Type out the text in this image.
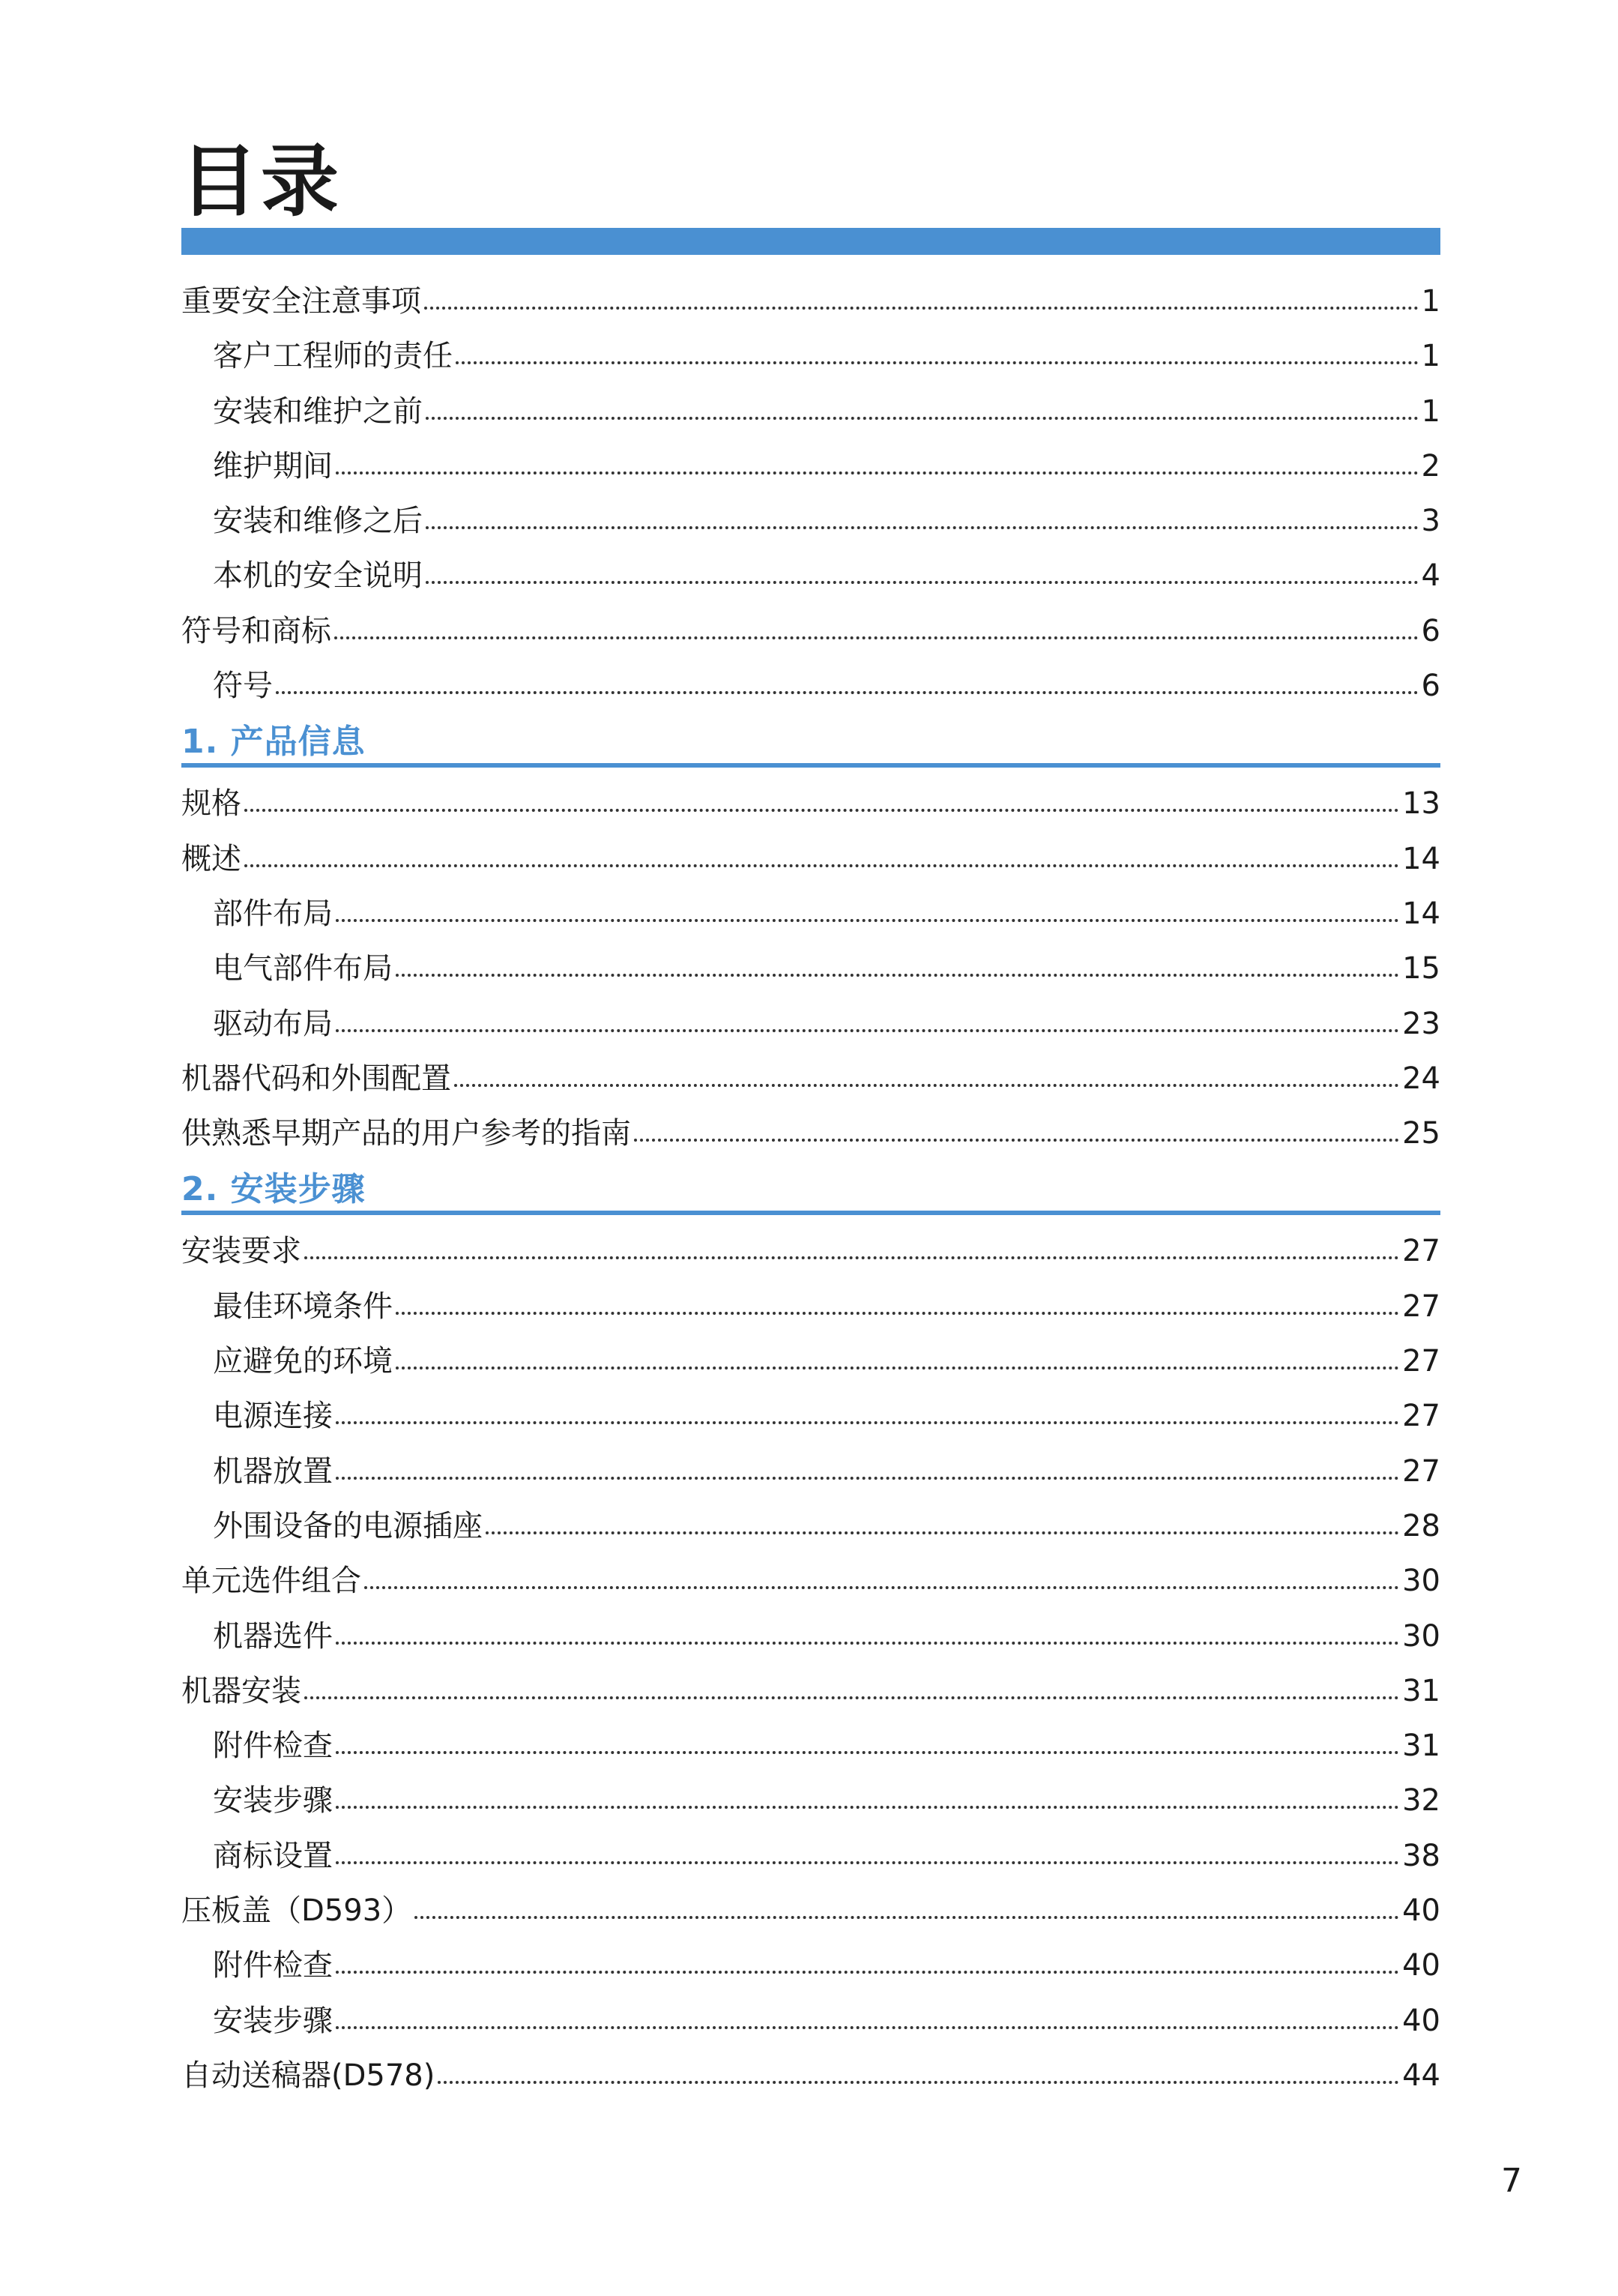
目录
重要安全注意事项	1
客户工程师的责任	1
安装和维护之前	1
维护期间	2
安装和维修之后	3
本机的安全说明	4
符号和商标	6
符号	6
1. 产品信息
规格	13
概述	14
部件布局	14
电气部件布局	15
驱动布局	23
机器代码和外围配置	24
供熟悉早期产品的用户参考的指南	25
2. 安装步骤
安装要求	27
最佳环境条件	27
应避免的环境	27
电源连接	27
机器放置	27
外围设备的电源插座	28
单元选件组合	30
机器选件	30
机器安装	31
附件检查	31
安装步骤	32
商标设置	38
压板盖（D593）	40
附件检查	40
安装步骤	40
自动送稿器(D578)	44
7
